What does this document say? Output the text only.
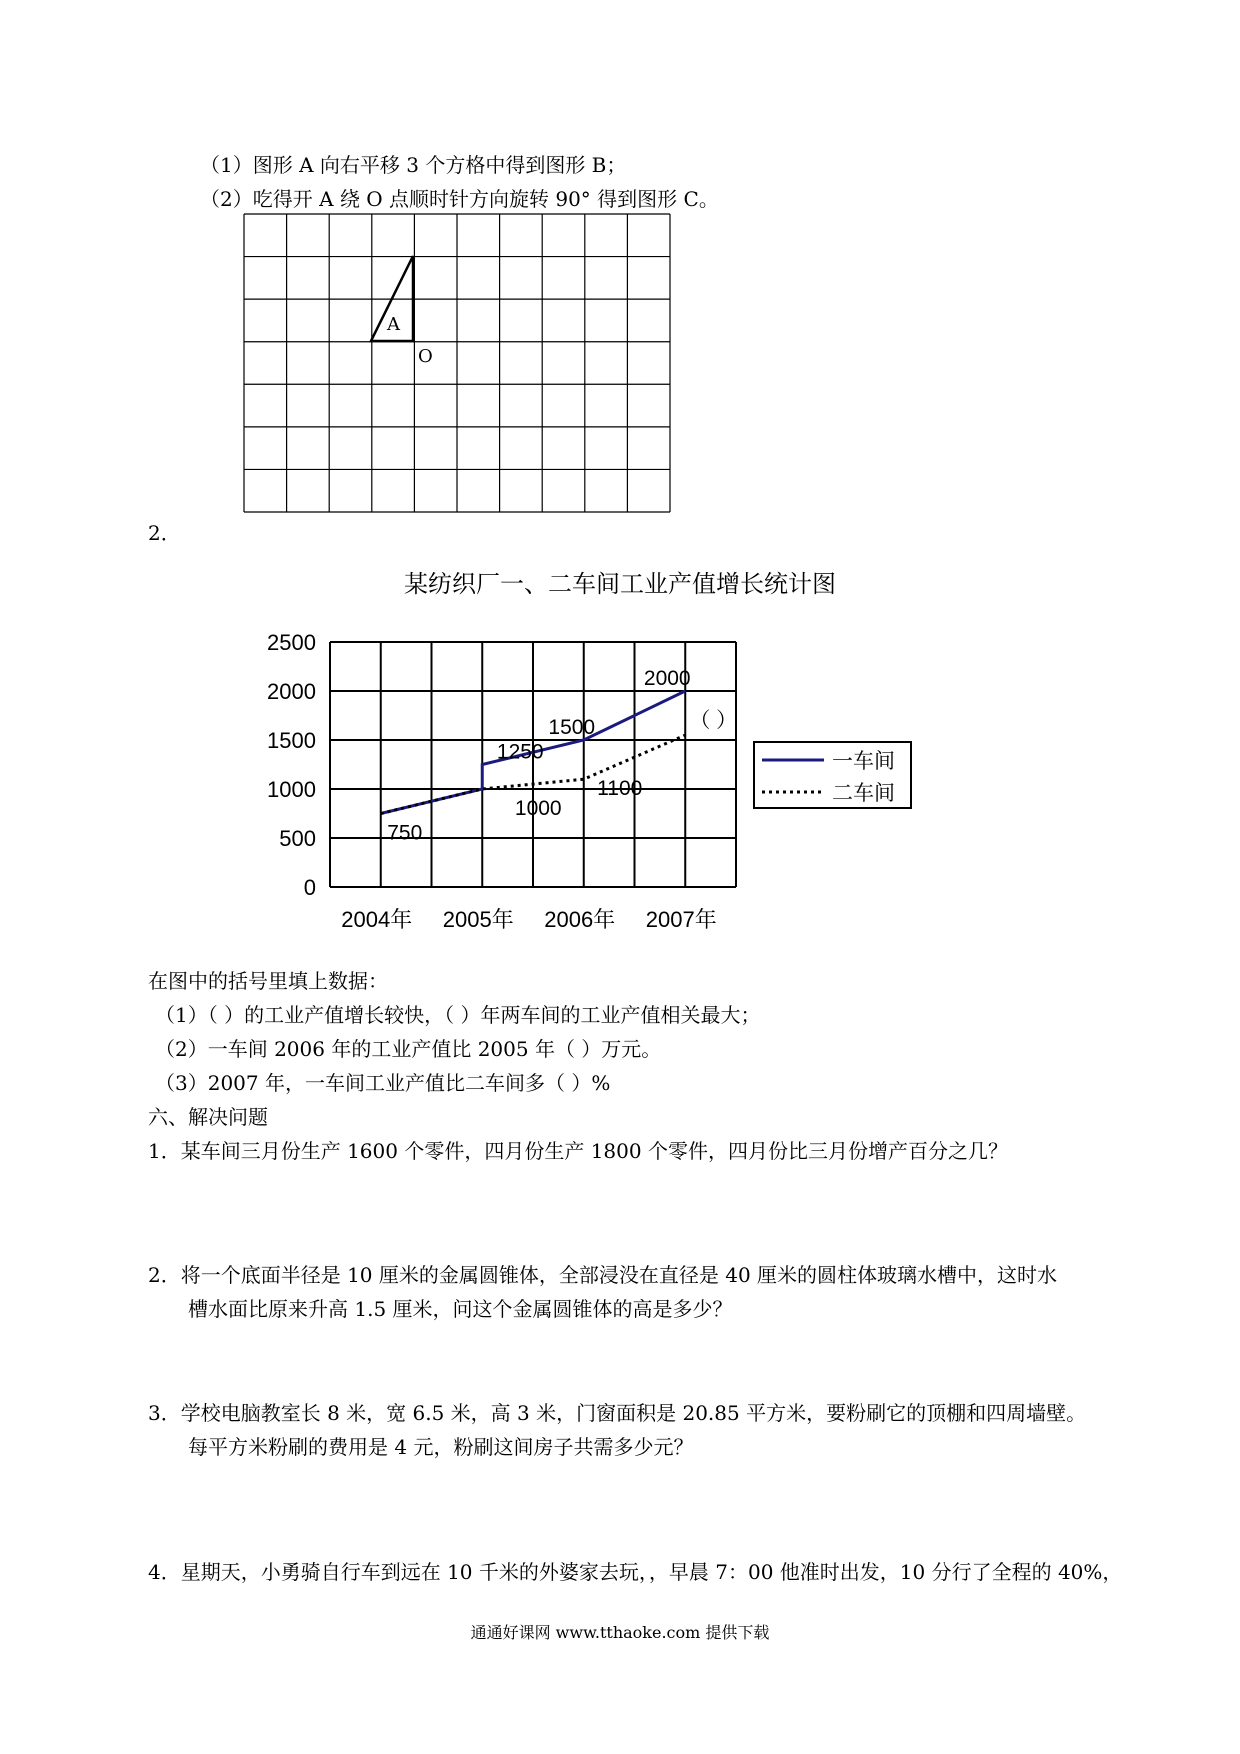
（1）图形 A 向右平移 3 个方格中得到图形 B；
（2）吃得开 A 绕 O 点顺时针方向旋转 90° 得到图形 C。
A
O
2．
某纺织厂一、二车间工业产值增长统计图
2500
2000
1500
1000
500
0
2004年 2005年 2006年 2007年
750
1250
1000
1100
1500
2000
（ ）
一车间
二车间
在图中的括号里填上数据：
（1）（ ）的工业产值增长较快，（ ）年两车间的工业产值相关最大；
（2）一车间 2006 年的工业产值比 2005 年（ ）万元。
（3）2007 年，一车间工业产值比二车间多（ ）%
六、解决问题
1．某车间三月份生产 1600 个零件，四月份生产 1800 个零件，四月份比三月份增产百分之几？
2．将一个底面半径是 10 厘米的金属圆锥体，全部浸没在直径是 40 厘米的圆柱体玻璃水槽中，这时水
槽水面比原来升高 1.5 厘米，问这个金属圆锥体的高是多少？
3．学校电脑教室长 8 米，宽 6.5 米，高 3 米，门窗面积是 20.85 平方米，要粉刷它的顶棚和四周墙壁。
每平方米粉刷的费用是 4 元，粉刷这间房子共需多少元？
4．星期天，小勇骑自行车到远在 10 千米的外婆家去玩，，早晨 7：00 他准时出发，10 分行了全程的 40%，
通通好课网 www.tthaoke.com 提供下载
